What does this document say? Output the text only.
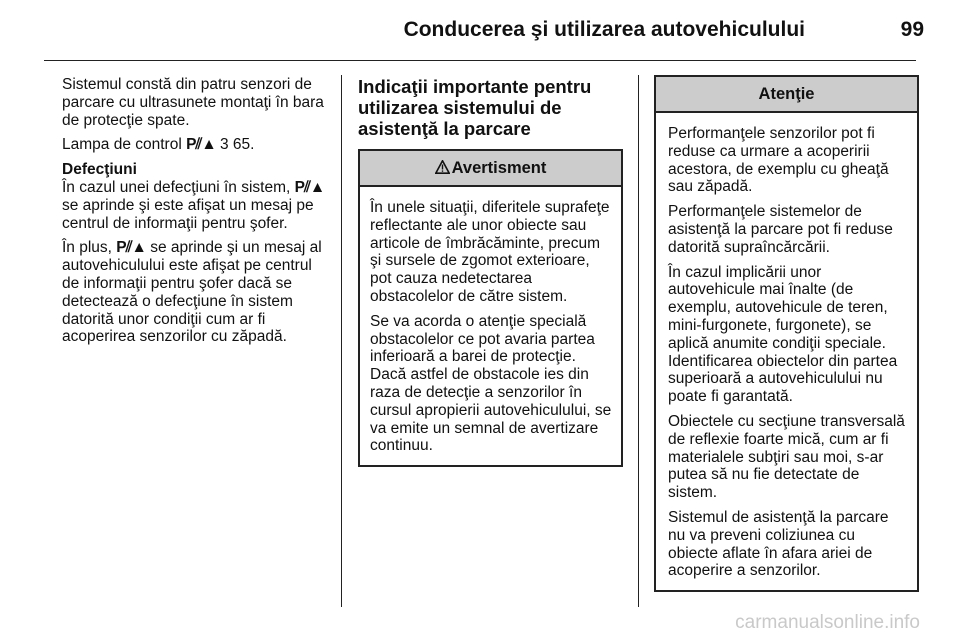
Conducerea şi utilizarea autovehiculului	99

Sistemul constă din patru senzori de parcare cu ultrasunete montaţi în bara de protecţie spate.

Lampa de control P⫽▲ 3 65.

Defecţiuni

În cazul unei defecţiuni în sistem, P⫽▲ se aprinde şi este afişat un mesaj pe centrul de informaţii pentru şofer.

În plus, P⫽▲ se aprinde şi un mesaj al autovehiculului este afişat pe centrul de informaţii pentru şofer dacă se detectează o defecţiune în sistem datorită unor condiţii cum ar fi acoperirea senzorilor cu zăpadă.

Indicaţii importante pentru utilizarea sistemului de asistenţă la parcare
Avertisment

În unele situaţii, diferitele suprafeţe reflectante ale unor obiecte sau articole de îmbrăcăminte, precum şi sursele de zgomot exterioare, pot cauza nedetectarea obstacolelor de către sistem.

Se va acorda o atenţie specială obstacolelor ce pot avaria partea inferioară a barei de protecţie. Dacă astfel de obstacole ies din raza de detecţie a senzorilor în cursul apropierii autovehiculului, se va emite un semnal de avertizare continuu.

Atenţie

Performanţele senzorilor pot fi reduse ca urmare a acoperirii acestora, de exemplu cu gheaţă sau zăpadă.

Performanţele sistemelor de asistenţă la parcare pot fi reduse datorită supraîncărcării.

În cazul implicării unor autovehicule mai înalte (de exemplu, autovehicule de teren, mini-furgonete, furgonete), se aplică anumite condiţii speciale. Identificarea obiectelor din partea superioară a autovehiculului nu poate fi garantată.

Obiectele cu secţiune transversală de reflexie foarte mică, cum ar fi materialele subţiri sau moi, s-ar putea să nu fie detectate de sistem.

Sistemul de asistenţă la parcare nu va preveni coliziunea cu obiecte aflate în afara ariei de acoperire a senzorilor.

carmanualsonline.info
